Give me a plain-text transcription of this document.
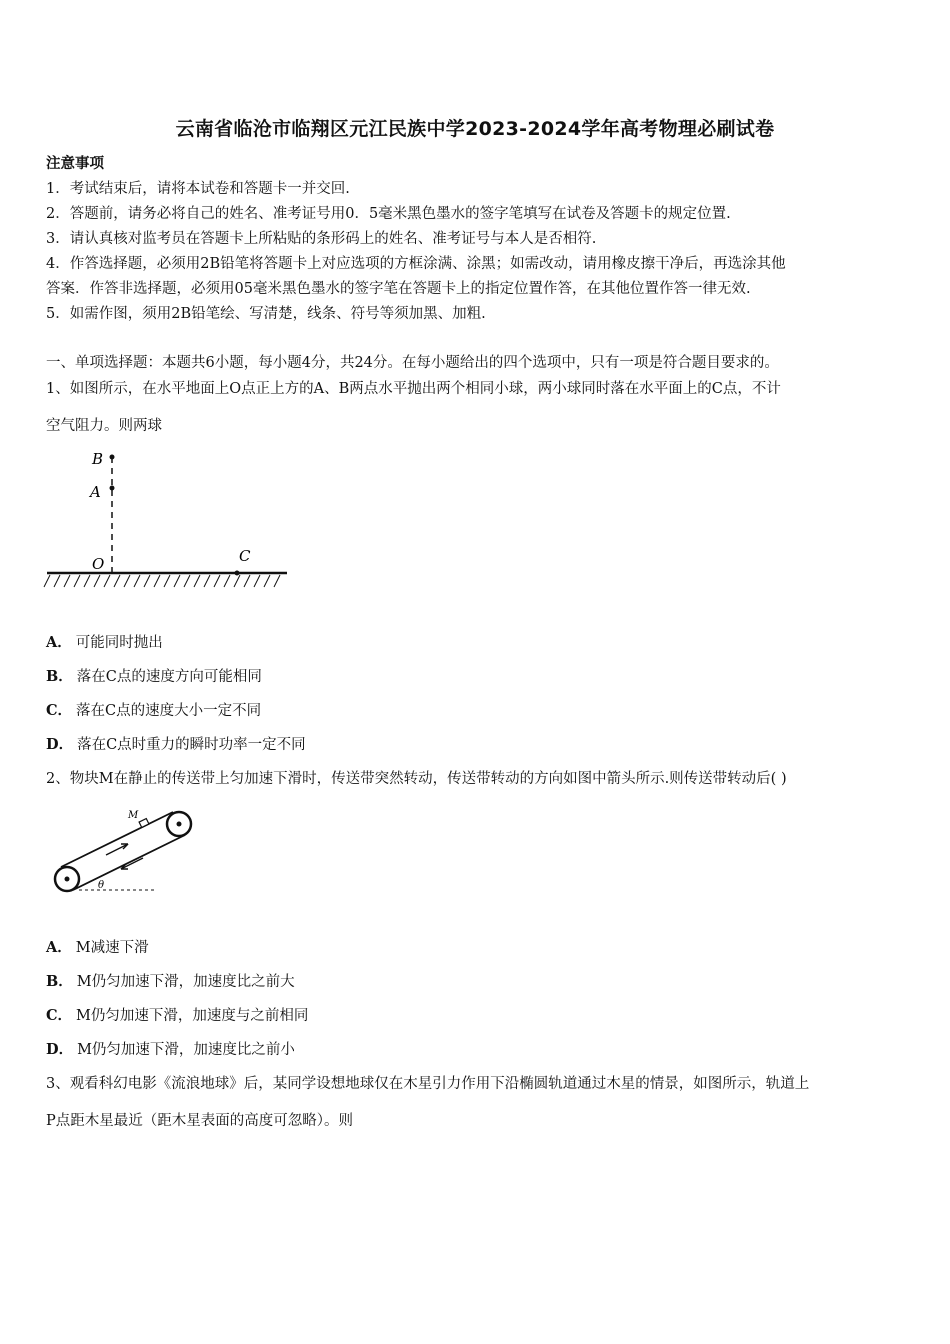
云南省临沧市临翔区元江民族中学2023-2024学年高考物理必刷试卷
注意事项
1．考试结束后，请将本试卷和答题卡一并交回.
2．答题前，请务必将自己的姓名、准考证号用0．5毫米黑色墨水的签字笔填写在试卷及答题卡的规定位置.
3．请认真核对监考员在答题卡上所粘贴的条形码上的姓名、准考证号与本人是否相符.
4．作答选择题，必须用2B铅笔将答题卡上对应选项的方框涂满、涂黑；如需改动，请用橡皮擦干净后，再选涂其他
答案．作答非选择题，必须用05毫米黑色墨水的签字笔在答题卡上的指定位置作答，在其他位置作答一律无效.
5．如需作图，须用2B铅笔绘、写清楚，线条、符号等须加黑、加粗.
一、单项选择题：本题共6小题，每小题4分，共24分。在每小题给出的四个选项中，只有一项是符合题目要求的。
1、如图所示，在水平地面上O点正上方的A、B两点水平抛出两个相同小球，两小球同时落在水平面上的C点，不计
空气阻力。则两球
B
A
O	C
A． 可能同时抛出
B． 落在C点的速度方向可能相同
C． 落在C点的速度大小一定不同
D． 落在C点时重力的瞬时功率一定不同
2、物块M在静止的传送带上匀加速下滑时，传送带突然转动，传送带转动的方向如图中箭头所示.则传送带转动后( )
M
θ
A． M减速下滑
B． M仍匀加速下滑，加速度比之前大
C． M仍匀加速下滑，加速度与之前相同
D． M仍匀加速下滑，加速度比之前小
3、观看科幻电影《流浪地球》后，某同学设想地球仅在木星引力作用下沿椭圆轨道通过木星的情景，如图所示，轨道上
P点距木星最近（距木星表面的高度可忽略）。则
